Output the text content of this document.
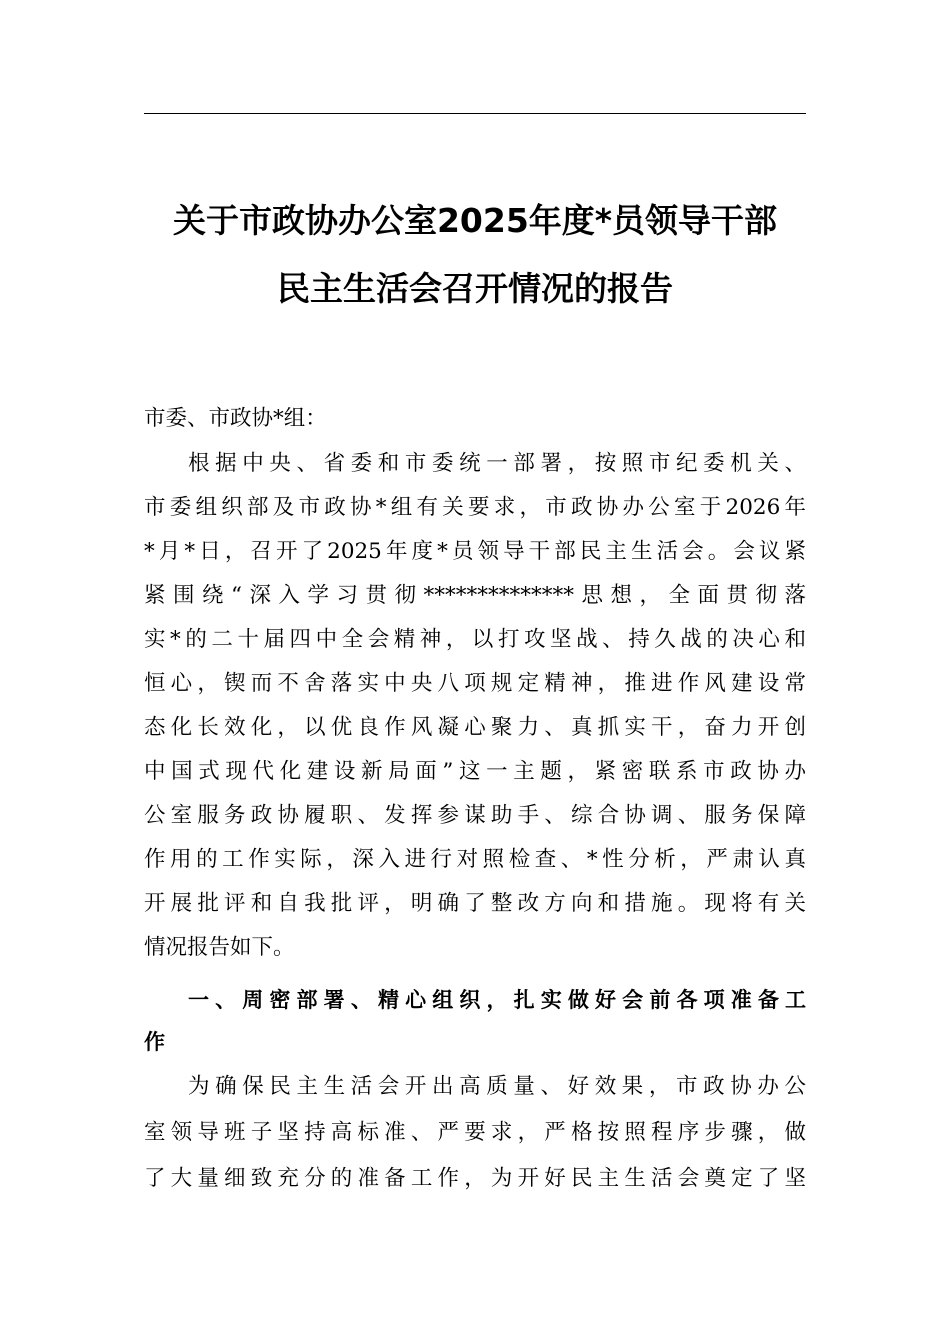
关于市政协办公室2025年度*员领导干部
民主生活会召开情况的报告
市委、市政协*组：
根据中央、省委和市委统一部署，按照市纪委机关、
市委组织部及市政协*组有关要求，市政协办公室于2026年
*月*日，召开了2025年度*员领导干部民主生活会。会议紧
紧围绕“深入学习贯彻**************思想，全面贯彻落
实*的二十届四中全会精神，以打攻坚战、持久战的决心和
恒心，锲而不舍落实中央八项规定精神，推进作风建设常
态化长效化，以优良作风凝心聚力、真抓实干，奋力开创
中国式现代化建设新局面”这一主题，紧密联系市政协办
公室服务政协履职、发挥参谋助手、综合协调、服务保障
作用的工作实际，深入进行对照检查、*性分析，严肃认真
开展批评和自我批评，明确了整改方向和措施。现将有关
情况报告如下。
一、周密部署、精心组织，扎实做好会前各项准备工
作
为确保民主生活会开出高质量、好效果，市政协办公
室领导班子坚持高标准、严要求，严格按照程序步骤，做
了大量细致充分的准备工作，为开好民主生活会奠定了坚
